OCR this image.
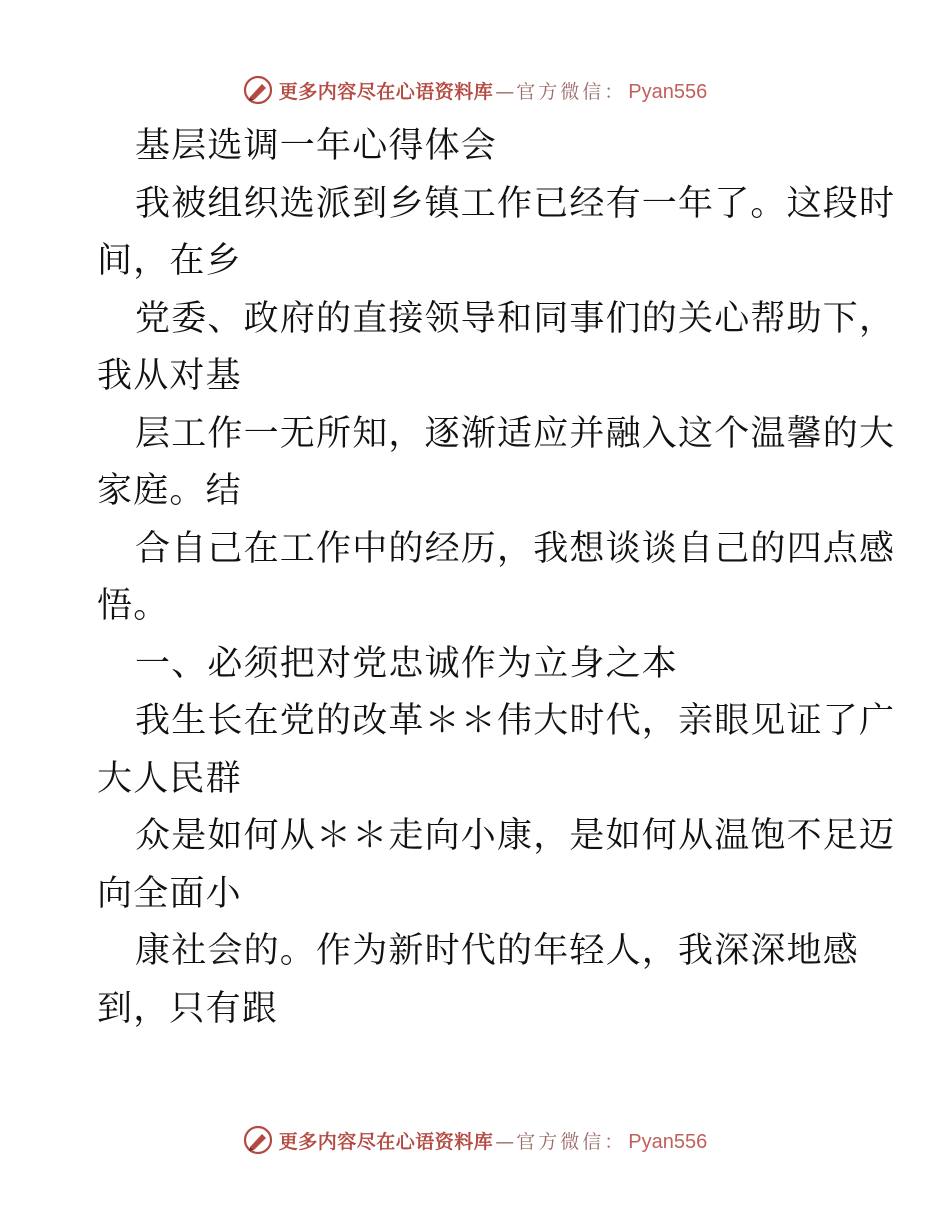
更多内容尽在心语资料库 — 官方微信： Pyan556
基层选调一年心得体会
我被组织选派到乡镇工作已经有一年了。这段时
间，在乡
党委、政府的直接领导和同事们的关心帮助下，
我从对基
层工作一无所知，逐渐适应并融入这个温馨的大
家庭。结
合自己在工作中的经历，我想谈谈自己的四点感
悟。
一、必须把对党忠诚作为立身之本
我生长在党的改革＊＊伟大时代，亲眼见证了广
大人民群
众是如何从＊＊走向小康，是如何从温饱不足迈
向全面小
康社会的。作为新时代的年轻人，我深深地感
到，只有跟
更多内容尽在心语资料库 — 官方微信： Pyan556
